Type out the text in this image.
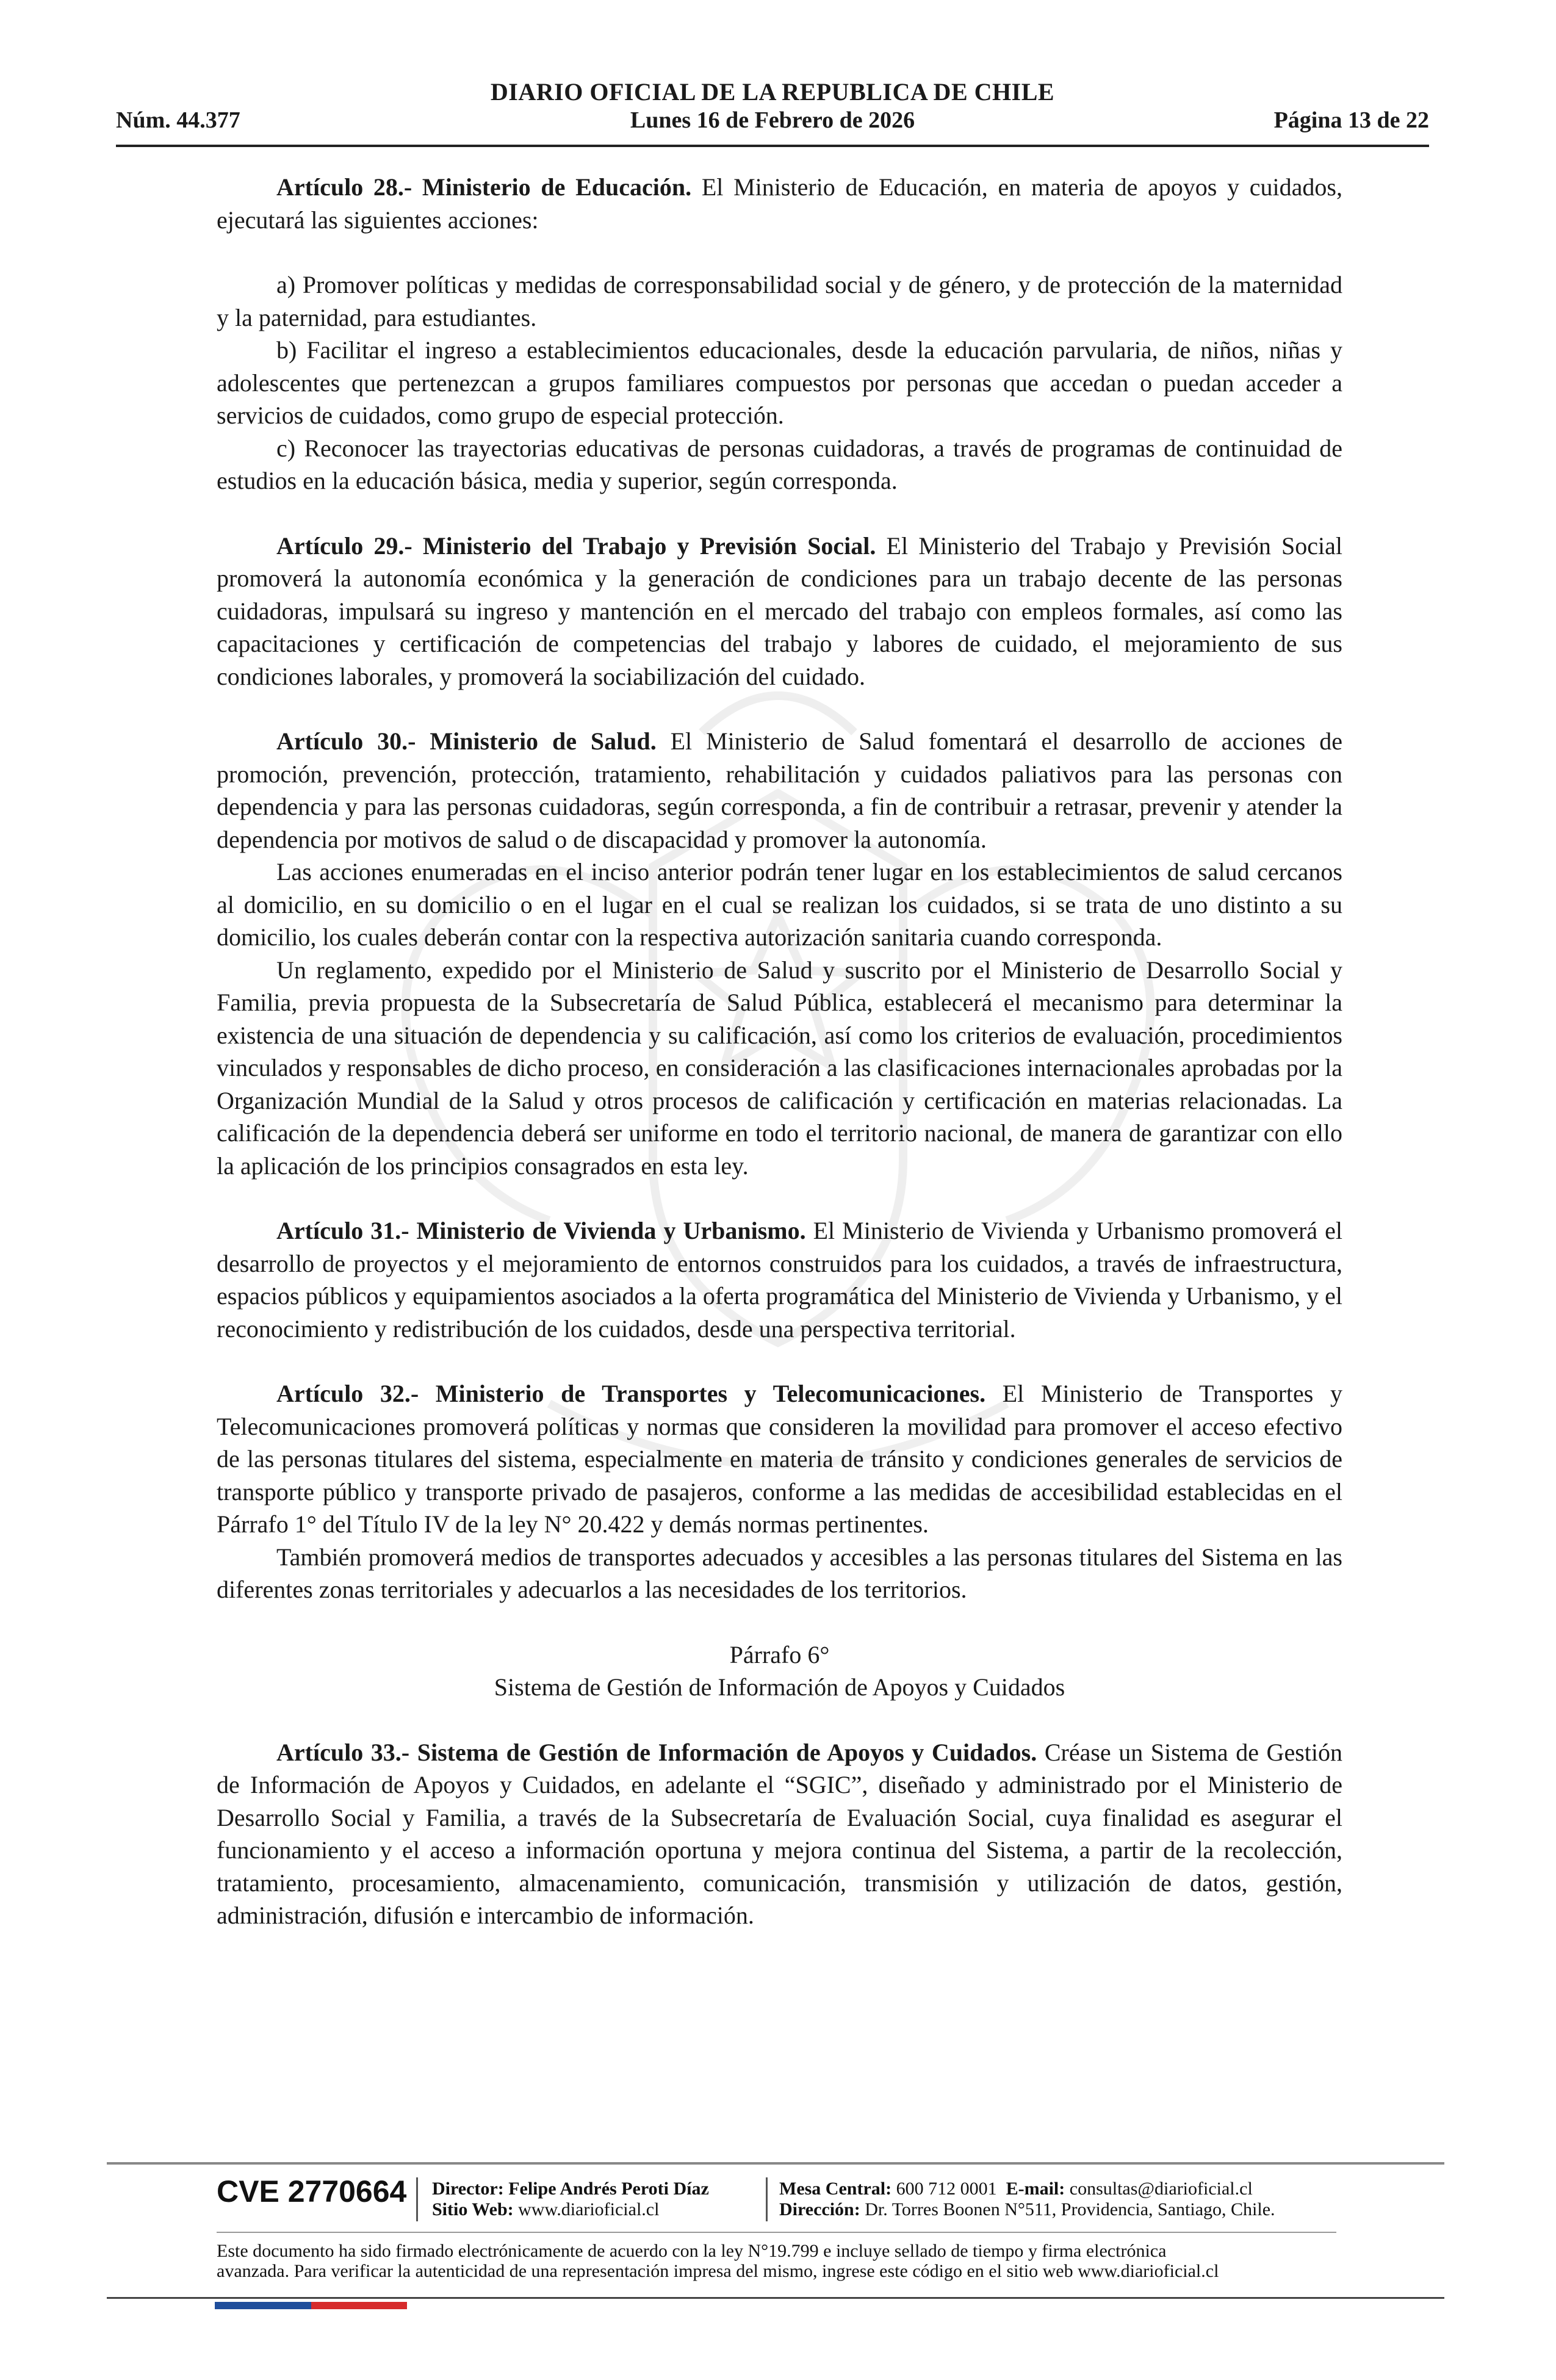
DIARIO OFICIAL DE LA REPUBLICA DE CHILE
Núm. 44.377	Lunes 16 de Febrero de 2026	Página 13 de 22

Artículo 28.- Ministerio de Educación. El Ministerio de Educación, en materia de apoyos y cuidados, ejecutará las siguientes acciones:

a) Promover políticas y medidas de corresponsabilidad social y de género, y de protección de la maternidad y la paternidad, para estudiantes.

b) Facilitar el ingreso a establecimientos educacionales, desde la educación parvularia, de niños, niñas y adolescentes que pertenezcan a grupos familiares compuestos por personas que accedan o puedan acceder a servicios de cuidados, como grupo de especial protección.

c) Reconocer las trayectorias educativas de personas cuidadoras, a través de programas de continuidad de estudios en la educación básica, media y superior, según corresponda.

Artículo 29.- Ministerio del Trabajo y Previsión Social. El Ministerio del Trabajo y Previsión Social promoverá la autonomía económica y la generación de condiciones para un trabajo decente de las personas cuidadoras, impulsará su ingreso y mantención en el mercado del trabajo con empleos formales, así como las capacitaciones y certificación de competencias del trabajo y labores de cuidado, el mejoramiento de sus condiciones laborales, y promoverá la sociabilización del cuidado.

Artículo 30.- Ministerio de Salud. El Ministerio de Salud fomentará el desarrollo de acciones de promoción, prevención, protección, tratamiento, rehabilitación y cuidados paliativos para las personas con dependencia y para las personas cuidadoras, según corresponda, a fin de contribuir a retrasar, prevenir y atender la dependencia por motivos de salud o de discapacidad y promover la autonomía.

Las acciones enumeradas en el inciso anterior podrán tener lugar en los establecimientos de salud cercanos al domicilio, en su domicilio o en el lugar en el cual se realizan los cuidados, si se trata de uno distinto a su domicilio, los cuales deberán contar con la respectiva autorización sanitaria cuando corresponda.

Un reglamento, expedido por el Ministerio de Salud y suscrito por el Ministerio de Desarrollo Social y Familia, previa propuesta de la Subsecretaría de Salud Pública, establecerá el mecanismo para determinar la existencia de una situación de dependencia y su calificación, así como los criterios de evaluación, procedimientos vinculados y responsables de dicho proceso, en consideración a las clasificaciones internacionales aprobadas por la Organización Mundial de la Salud y otros procesos de calificación y certificación en materias relacionadas. La calificación de la dependencia deberá ser uniforme en todo el territorio nacional, de manera de garantizar con ello la aplicación de los principios consagrados en esta ley.

Artículo 31.- Ministerio de Vivienda y Urbanismo. El Ministerio de Vivienda y Urbanismo promoverá el desarrollo de proyectos y el mejoramiento de entornos construidos para los cuidados, a través de infraestructura, espacios públicos y equipamientos asociados a la oferta programática del Ministerio de Vivienda y Urbanismo, y el reconocimiento y redistribución de los cuidados, desde una perspectiva territorial.

Artículo 32.- Ministerio de Transportes y Telecomunicaciones. El Ministerio de Transportes y Telecomunicaciones promoverá políticas y normas que consideren la movilidad para promover el acceso efectivo de las personas titulares del sistema, especialmente en materia de tránsito y condiciones generales de servicios de transporte público y transporte privado de pasajeros, conforme a las medidas de accesibilidad establecidas en el Párrafo 1° del Título IV de la ley N° 20.422 y demás normas pertinentes.

También promoverá medios de transportes adecuados y accesibles a las personas titulares del Sistema en las diferentes zonas territoriales y adecuarlos a las necesidades de los territorios.

Párrafo 6°

Sistema de Gestión de Información de Apoyos y Cuidados

Artículo 33.- Sistema de Gestión de Información de Apoyos y Cuidados. Créase un Sistema de Gestión de Información de Apoyos y Cuidados, en adelante el “SGIC”, diseñado y administrado por el Ministerio de Desarrollo Social y Familia, a través de la Subsecretaría de Evaluación Social, cuya finalidad es asegurar el funcionamiento y el acceso a información oportuna y mejora continua del Sistema, a partir de la recolección, tratamiento, procesamiento, almacenamiento, comunicación, transmisión y utilización de datos, gestión, administración, difusión e intercambio de información.

CVE 2770664 Director: Felipe Andrés Peroti Díaz
Sitio Web: www.diarioficial.cl
Mesa Central: 600 712 0001 E-mail: consultas@diarioficial.cl
Dirección: Dr. Torres Boonen N°511, Providencia, Santiago, Chile.
Este documento ha sido firmado electrónicamente de acuerdo con la ley N°19.799 e incluye sellado de tiempo y firma electrónica
avanzada. Para verificar la autenticidad de una representación impresa del mismo, ingrese este código en el sitio web www.diarioficial.cl
